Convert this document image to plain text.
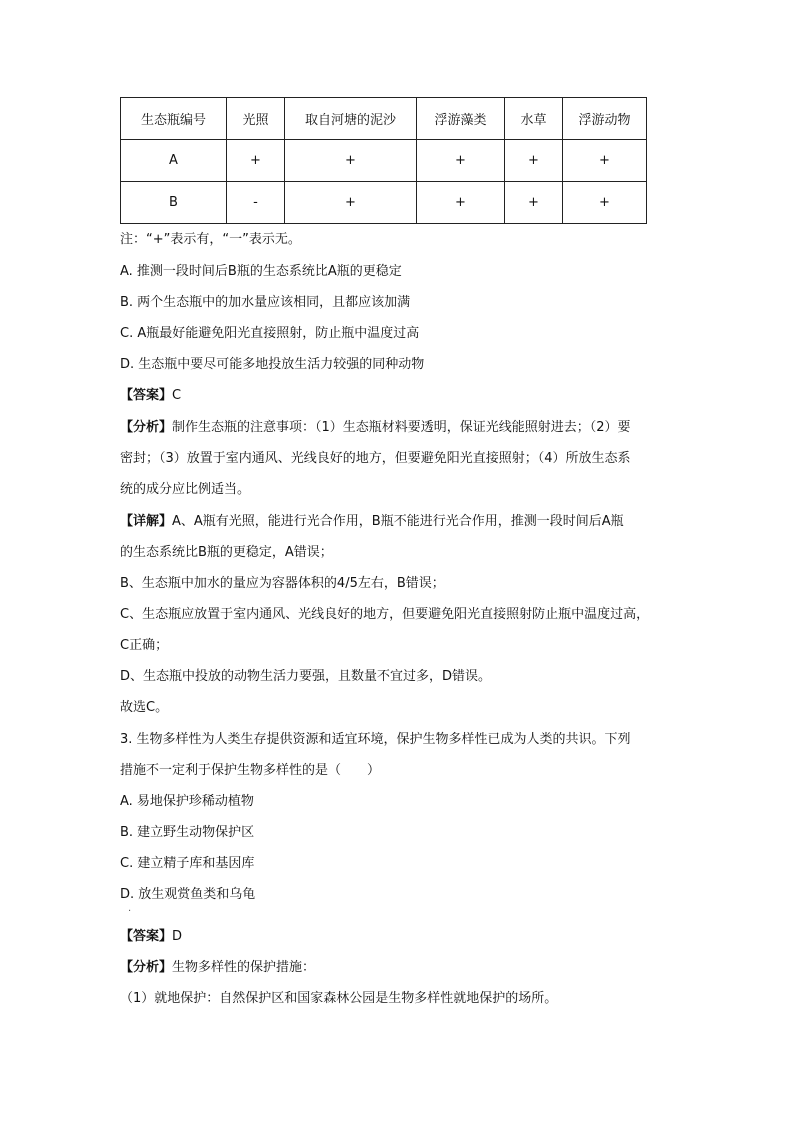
生态瓶编号	光照	取自河塘的泥沙	浮游藻类	水草	浮游动物
A	+	+	+	+	+
B	-	+	+	+	+
注：“+”表示有，“一”表示无。
A. 推测一段时间后B瓶的生态系统比A瓶的更稳定
B. 两个生态瓶中的加水量应该相同，且都应该加满
C. A瓶最好能避免阳光直接照射，防止瓶中温度过高
D. 生态瓶中要尽可能多地投放生活力较强的同种动物
【答案】C
【分析】制作生态瓶的注意事项：（1）生态瓶材料要透明，保证光线能照射进去；（2）要
密封；（3）放置于室内通风、光线良好的地方，但要避免阳光直接照射；（4）所放生态系
统的成分应比例适当。
【详解】A、A瓶有光照，能进行光合作用，B瓶不能进行光合作用，推测一段时间后A瓶
的生态系统比B瓶的更稳定，A错误；
B、生态瓶中加水的量应为容器体积的4/5左右，B错误；
C、生态瓶应放置于室内通风、光线良好的地方，但要避免阳光直接照射防止瓶中温度过高，
C正确；
D、生态瓶中投放的动物生活力要强，且数量不宜过多，D错误。
故选C。
3. 生物多样性为人类生存提供资源和适宜环境，保护生物多样性已成为人类的共识。下列
措施不一定利于保护生物多样性的是（　　）
A. 易地保护珍稀动植物
B. 建立野生动物保护区
C. 建立精子库和基因库
D. 放生观赏鱼类和乌龟
.
【答案】D
【分析】生物多样性的保护措施：
（1）就地保护：自然保护区和国家森林公园是生物多样性就地保护的场所。
